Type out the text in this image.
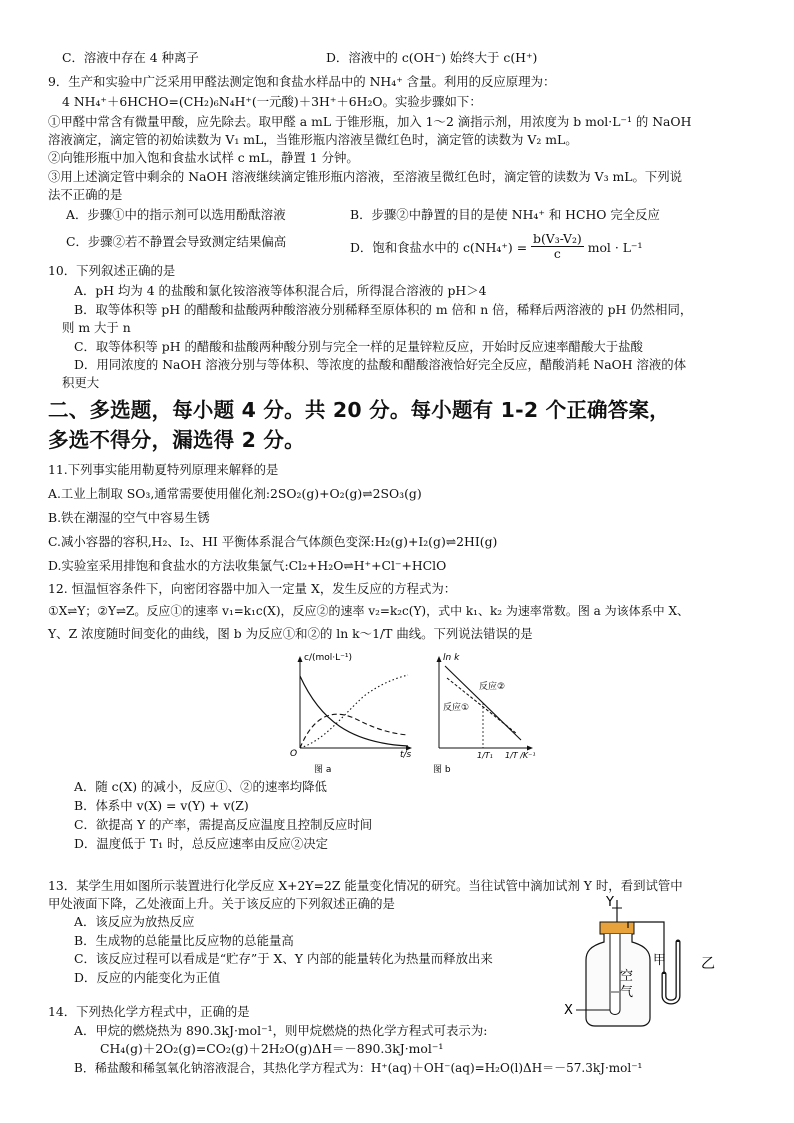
C．溶液中存在 4 种离子	D．溶液中的 c(OH⁻) 始终大于 c(H⁺)
9．生产和实验中广泛采用甲醛法测定饱和食盐水样品中的 NH₄⁺ 含量。利用的反应原理为：
4 NH₄⁺＋6HCHO=(CH₂)₆N₄H⁺(一元酸)＋3H⁺＋6H₂O。实验步骤如下：
①甲醛中常含有微量甲酸，应先除去。取甲醛 a mL 于锥形瓶，加入 1～2 滴指示剂，用浓度为 b mol·L⁻¹ 的 NaOH
溶液滴定，滴定管的初始读数为 V₁ mL，当锥形瓶内溶液呈微红色时，滴定管的读数为 V₂ mL。
②向锥形瓶中加入饱和食盐水试样 c mL，静置 1 分钟。
③用上述滴定管中剩余的 NaOH 溶液继续滴定锥形瓶内溶液，至溶液呈微红色时，滴定管的读数为 V₃ mL。下列说
法不正确的是
A．步骤①中的指示剂可以选用酚酞溶液	B．步骤②中静置的目的是使 NH₄⁺ 和 HCHO 完全反应
C．步骤②若不静置会导致测定结果偏高	D．饱和食盐水中的 $c(NH_4^+) = \frac{\text{b(V₃-V₂)}}{c}$ mol · L⁻¹
10．下列叙述正确的是
A．pH 均为 4 的盐酸和氯化铵溶液等体积混合后，所得混合溶液的 pH＞4
B．取等体积等 pH 的醋酸和盐酸两种酸溶液分别稀释至原体积的 m 倍和 n 倍，稀释后两溶液的 pH 仍然相同，
则 m 大于 n
C．取等体积等 pH 的醋酸和盐酸两种酸分别与完全一样的足量锌粒反应，开始时反应速率醋酸大于盐酸
D．用同浓度的 NaOH 溶液分别与等体积、等浓度的盐酸和醋酸溶液恰好完全反应，醋酸消耗 NaOH 溶液的体
积更大
二、多选题，每小题 4 分。共 20 分。每小题有 1-2 个正确答案，
多选不得分，漏选得 2 分。
11.下列事实能用勒夏特列原理来解释的是
A.工业上制取 SO₃,通常需要使用催化剂:2SO₂(g)+O₂(g)⇌2SO₃(g)
B.铁在潮湿的空气中容易生锈
C.减小容器的容积,H₂、I₂、HI 平衡体系混合气体颜色变深:H₂(g)+I₂(g)⇌2HI(g)
D.实验室采用排饱和食盐水的方法收集氯气:Cl₂+H₂O⇌H⁺+Cl⁻+HClO
12. 恒温恒容条件下，向密闭容器中加入一定量 X，发生反应的方程式为：
①X⇌Y；②Y⇌Z。反应①的速率 v₁=k₁c(X)，反应②的速率 v₂=k₂c(Y)，式中 k₁、k₂ 为速率常数。图 a 为该体系中 X、
Y、Z 浓度随时间变化的曲线，图 b 为反应①和②的 ln k～1/T 曲线。下列说法错误的是
c/(mol·L⁻¹)
O	t/s
图 a
ln k
反应②
反应①
1/T₁ 1/T /K⁻¹
图 b
A．随 c(X) 的减小，反应①、②的速率均降低
B．体系中 v(X) = v(Y) + v(Z)
C．欲提高 Y 的产率，需提高反应温度且控制反应时间
D．温度低于 T₁ 时，总反应速率由反应②决定
13．某学生用如图所示装置进行化学反应 X+2Y=2Z 能量变化情况的研究。当往试管中滴加试剂 Y 时，看到试管中
甲处液面下降，乙处液面上升。关于该反应的下列叙述正确的是
A．该反应为放热反应
B．生成物的总能量比反应物的总能量高
C．该反应过程可以看成是“贮存”于 X、Y 内部的能量转化为热量而释放出来
D．反应的内能变化为正值
Y
空
气
X
甲 乙
14．下列热化学方程式中，正确的是
A．甲烷的燃烧热为 890.3kJ·mol⁻¹，则甲烷燃烧的热化学方程式可表示为:
CH₄(g)＋2O₂(g)=CO₂(g)＋2H₂O(g)ΔH＝－890.3kJ·mol⁻¹
B．稀盐酸和稀氢氧化钠溶液混合，其热化学方程式为：H⁺(aq)＋OH⁻(aq)=H₂O(l)ΔH＝－57.3kJ·mol⁻¹
